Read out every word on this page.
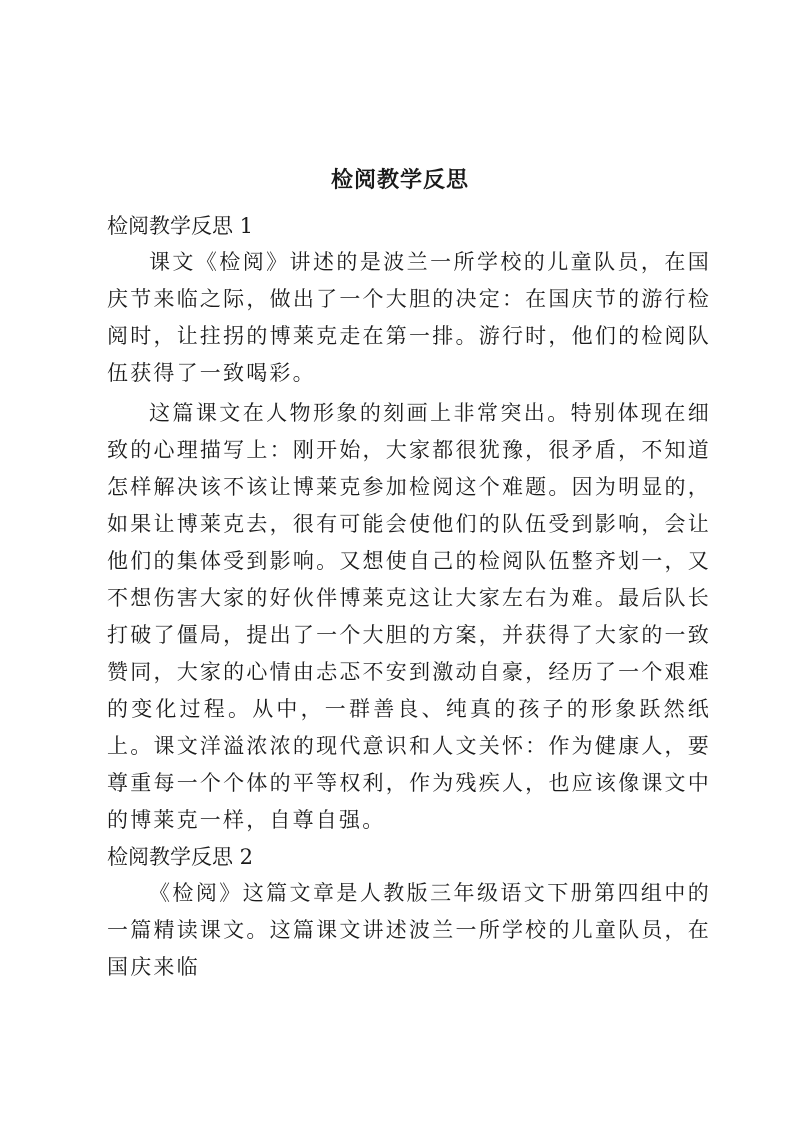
检阅教学反思
检阅教学反思 1

课文《检阅》讲述的是波兰一所学校的儿童队员，在国庆节来临之际，做出了一个大胆的决定：在国庆节的游行检阅时，让拄拐的博莱克走在第一排。游行时，他们的检阅队伍获得了一致喝彩。

这篇课文在人物形象的刻画上非常突出。特别体现在细致的心理描写上：刚开始，大家都很犹豫，很矛盾，不知道怎样解决该不该让博莱克参加检阅这个难题。因为明显的，如果让博莱克去，很有可能会使他们的队伍受到影响，会让他们的集体受到影响。又想使自己的检阅队伍整齐划一，又不想伤害大家的好伙伴博莱克这让大家左右为难。最后队长打破了僵局，提出了一个大胆的方案，并获得了大家的一致赞同，大家的心情由忐忑不安到激动自豪，经历了一个艰难的变化过程。从中，一群善良、纯真的孩子的形象跃然纸上。课文洋溢浓浓的现代意识和人文关怀：作为健康人，要尊重每一个个体的平等权利，作为残疾人，也应该像课文中的博莱克一样，自尊自强。

检阅教学反思 2

《检阅》这篇文章是人教版三年级语文下册第四组中的一篇精读课文。这篇课文讲述波兰一所学校的儿童队员，在国庆来临
